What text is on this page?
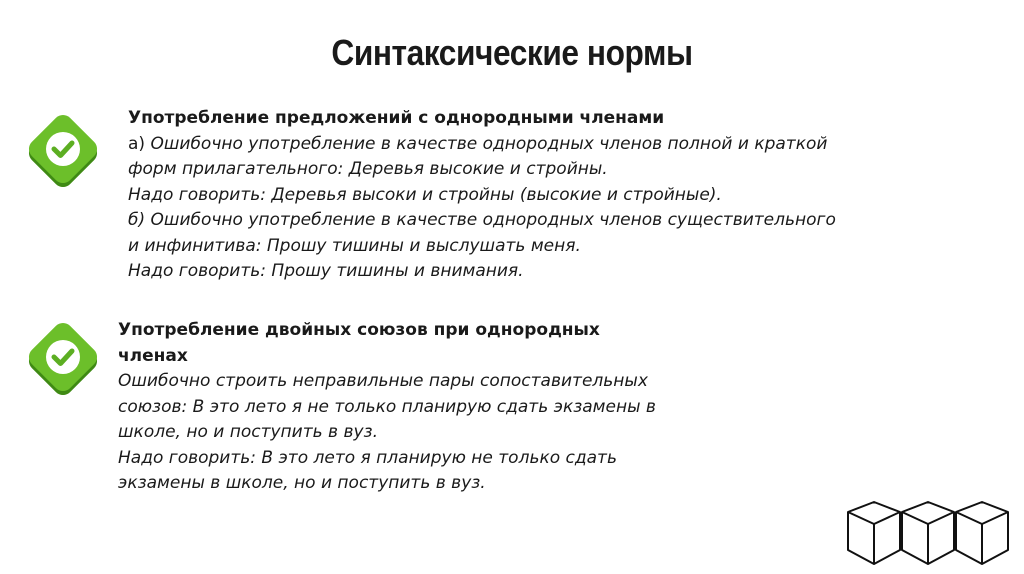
Синтаксические нормы
Употребление предложений с однородными членами
а) Ошибочно употребление в качестве однородных членов полной и краткой
форм прилагательного: Деревья высокие и стройны.
Надо говорить: Деревья высоки и стройны (высокие и стройные).
б) Ошибочно употребление в качестве однородных членов существительного
и инфинитива: Прошу тишины и выслушать меня.
Надо говорить: Прошу тишины и внимания.
Употребление двойных союзов при однородных
членах
Ошибочно строить неправильные пары сопоставительных
союзов: В это лето я не только планирую сдать экзамены в
школе, но и поступить в вуз.
Надо говорить: В это лето я планирую не только сдать
экзамены в школе, но и поступить в вуз.
